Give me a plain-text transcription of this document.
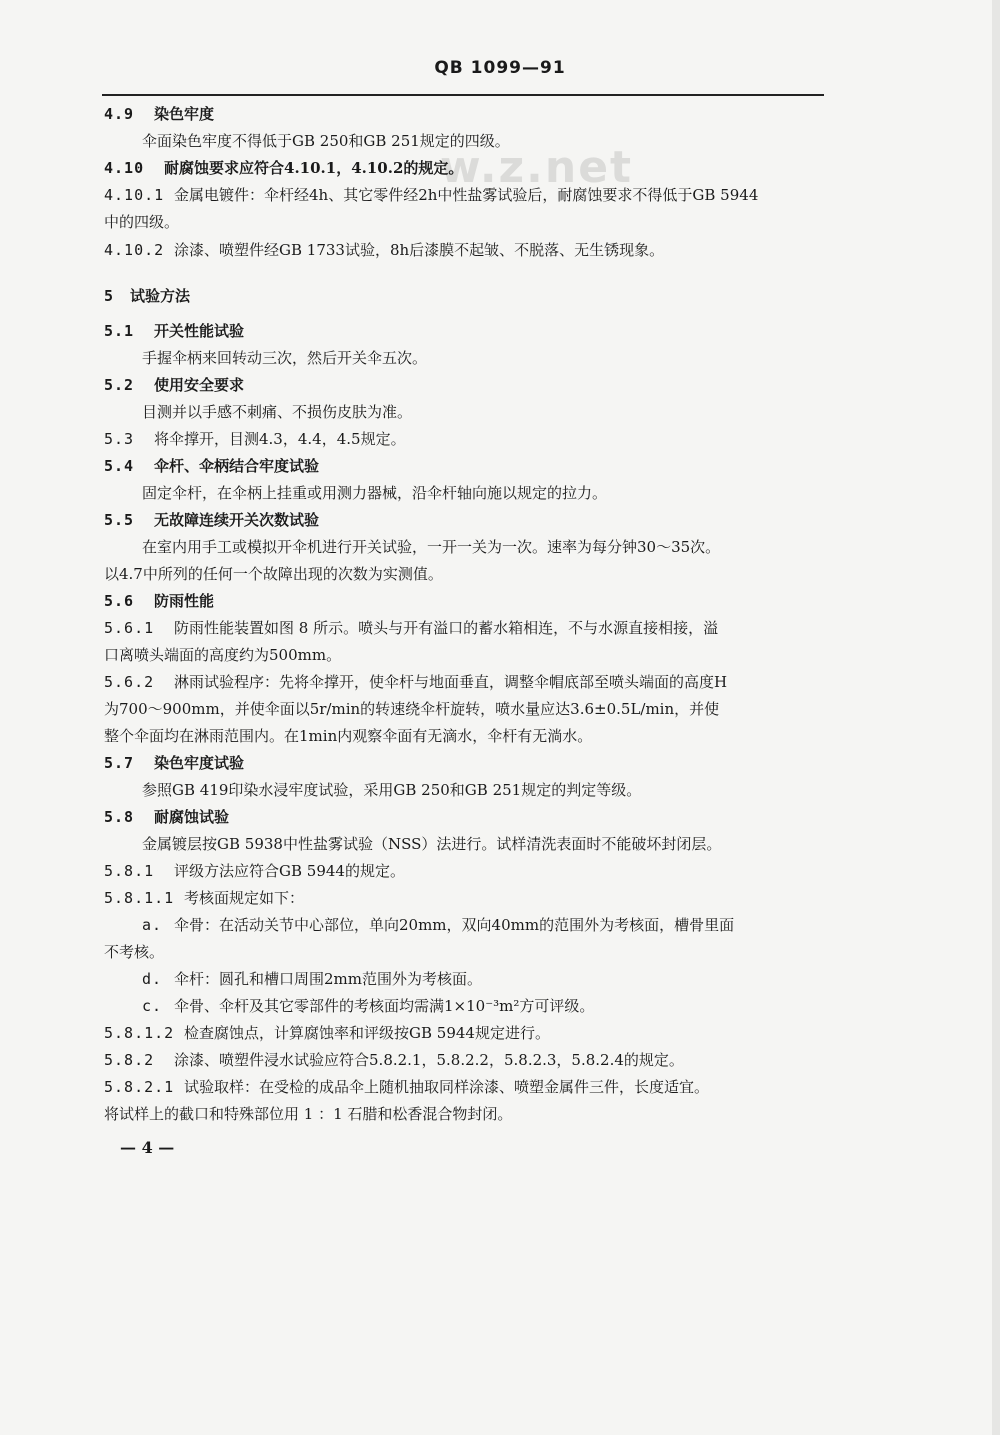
QB 1099—91
w.z.net
4.9 染色牢度
伞面染色牢度不得低于GB 250和GB 251规定的四级。
4.10 耐腐蚀要求应符合4.10.1，4.10.2的规定。
4.10.1 金属电镀件：伞杆经4h、其它零件经2h中性盐雾试验后，耐腐蚀要求不得低于GB 5944
中的四级。
4.10.2 涂漆、喷塑件经GB 1733试验，8h后漆膜不起皱、不脱落、无生锈现象。
5 试验方法
5.1 开关性能试验
手握伞柄来回转动三次，然后开关伞五次。
5.2 使用安全要求
目测并以手感不刺痛、不损伤皮肤为准。
5.3 将伞撑开，目测4.3，4.4，4.5规定。
5.4 伞杆、伞柄结合牢度试验
固定伞杆，在伞柄上挂重或用测力器械，沿伞杆轴向施以规定的拉力。
5.5 无故障连续开关次数试验
在室内用手工或模拟开伞机进行开关试验，一开一关为一次。速率为每分钟30～35次。
以4.7中所列的任何一个故障出现的次数为实测值。
5.6 防雨性能
5.6.1 防雨性能装置如图 8 所示。喷头与开有溢口的蓄水箱相连，不与水源直接相接，溢
口离喷头端面的高度约为500mm。
5.6.2 淋雨试验程序：先将伞撑开，使伞杆与地面垂直，调整伞帽底部至喷头端面的高度H
为700～900mm，并使伞面以5r/min的转速绕伞杆旋转，喷水量应达3.6±0.5L/min，并使
整个伞面均在淋雨范围内。在1min内观察伞面有无滴水，伞杆有无淌水。
5.7 染色牢度试验
参照GB 419印染水浸牢度试验，采用GB 250和GB 251规定的判定等级。
5.8 耐腐蚀试验
金属镀层按GB 5938中性盐雾试验（NSS）法进行。试样清洗表面时不能破坏封闭层。
5.8.1 评级方法应符合GB 5944的规定。
5.8.1.1 考核面规定如下：
a. 伞骨：在活动关节中心部位，单向20mm，双向40mm的范围外为考核面，槽骨里面
不考核。
d. 伞杆：圆孔和槽口周围2mm范围外为考核面。
c. 伞骨、伞杆及其它零部件的考核面均需满1×10⁻³m²方可评级。
5.8.1.2 检查腐蚀点，计算腐蚀率和评级按GB 5944规定进行。
5.8.2 涂漆、喷塑件浸水试验应符合5.8.2.1，5.8.2.2，5.8.2.3，5.8.2.4的规定。
5.8.2.1 试验取样：在受检的成品伞上随机抽取同样涂漆、喷塑金属件三件，长度适宜。
将试样上的截口和特殊部位用 1 ：1 石腊和松香混合物封闭。
— 4 —
